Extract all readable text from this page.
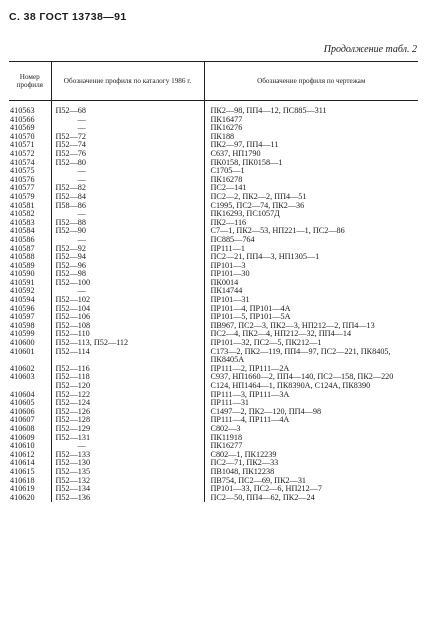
С. 38 ГОСТ 13738—91
Продолжение табл. 2
Номер профиля	Обозначение профиля по каталогу 1986 г.	Обозначение профиля по чертежам
410563	П52—68	ПК2—98, ПП4—12, ПС885—311
410566	—	ПК16477
410569	—	ПК16276
410570	П52—72	ПК188
410571	П52—74	ПК2—97, ПП4—11
410572	П52—76	С637, НП1790
410574	П52—80	ПК0158, ПК0158—1
410575	—	С1705—1
410576	—	ПК16278
410577	П52—82	ПС2—141
410579	П52—84	ПС2—2, ПК2—2, ПП4—51
410581	П58—86	С1995, ПС2—74, ПК2—36
410582	—	ПК16293, ПС1057Д
410583	П52—88	ПК2—116
410584	П52—90	С7—1, ПК2—53, НП221—1, ПС2—86
410586	—	ПС885—764
410587	П52—92	ПР111—1
410588	П52—94	ПС2—21, ПП4—3, НП1305—1
410589	П52—96	ПР101—3
410590	П52—98	ПР101—30
410591	П52—100	ПК0014
410592	—	ПК14744
410594	П52—102	ПР101—31
410596	П52—104	ПР101—4, ПР101—4А
410597	П52—106	ПР101—5, ПР101—5А
410598	П52—108	ПВ967, ПС2—3, ПК2—3, НП212—2, ПП4—13
410599	П52—110	ПС2—4, ПК2—4, НП212—32, ПП4—14
410600	П52—113, П52—112	ПР101—32, ПС2—5, ПК212—1
410601	П52—114	С173—2, ПК2—119, ПП4—97, ПС2—221, ПК8405, ПК8405А
410602	П52—116	ПР111—2, ПР111—2А
410603	П52—118	С937, НП1660—2, ПП4—140, ПС2—158, ПК2—220
	П52—120	С124, НП1464—1, ПК8390А, С124А, ПК8390
410604	П52—122	ПР111—3, ПР111—3А
410605	П52—124	ПР111—31
410606	П52—126	С1497—2, ПК2—120, ПП4—98
410607	П52—128	ПР111—4, ПР111—4А
410608	П52—129	С802—3
410609	П52—131	ПК11918
410610	—	ПК16277
410612	П52—133	С802—1, ПК12239
410614	П52—130	ПС2—71, ПК2—33
410615	П52—135	ПВ1048, ПК12238
410618	П52—132	ПВ754, ПС2—69, ПК2—31
410619	П52—134	ПР101—33, ПС2—6, НП212—7
410620	П52—136	ПС2—50, ПП4—62, ПК2—24
